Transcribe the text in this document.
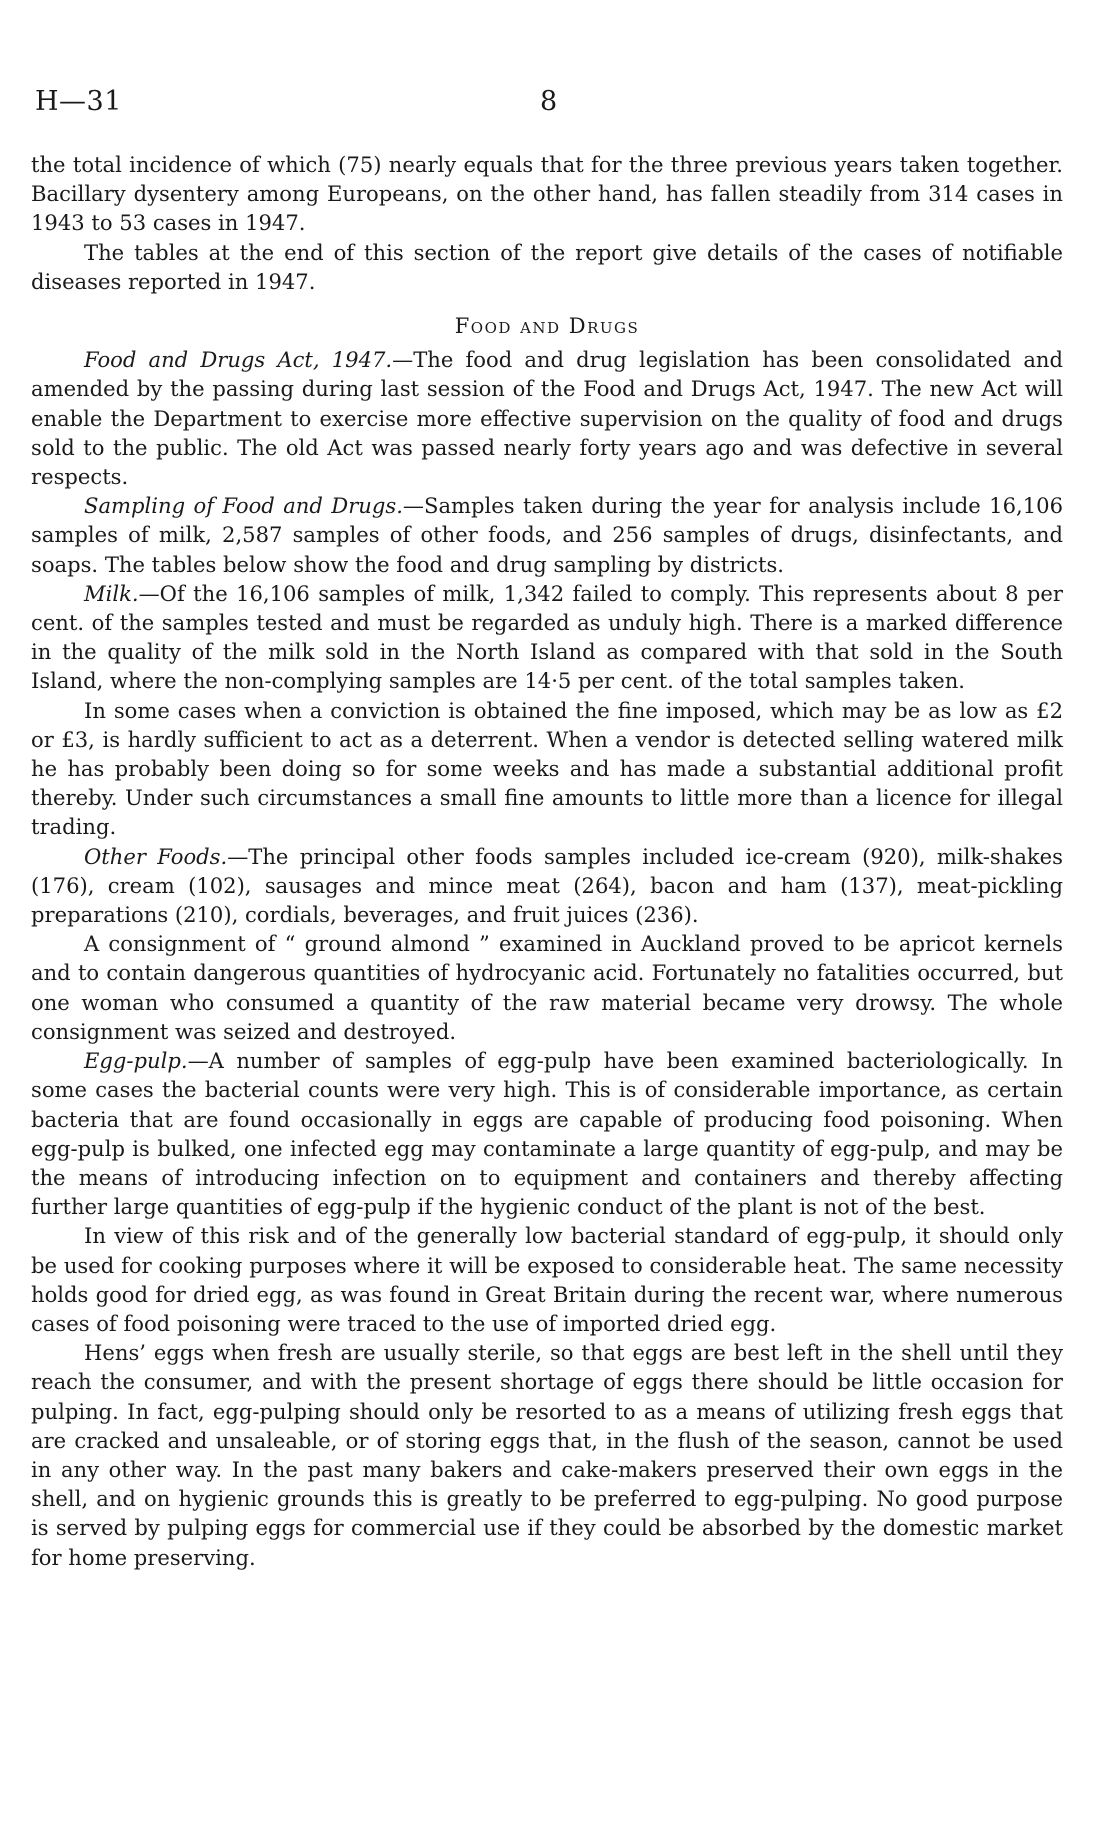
H—31	8

the total incidence of which (75) nearly equals that for the three previous years taken together. Bacillary dysentery among Europeans, on the other hand, has fallen steadily from 314 cases in 1943 to 53 cases in 1947.

The tables at the end of this section of the report give details of the cases of notifiable diseases reported in 1947.

Food and Drugs

Food and Drugs Act, 1947.—The food and drug legislation has been consolidated and amended by the passing during last session of the Food and Drugs Act, 1947. The new Act will enable the Department to exercise more effective supervision on the quality of food and drugs sold to the public. The old Act was passed nearly forty years ago and was defective in several respects.

Sampling of Food and Drugs.—Samples taken during the year for analysis include 16,106 samples of milk, 2,587 samples of other foods, and 256 samples of drugs, disinfectants, and soaps. The tables below show the food and drug sampling by districts.

Milk.—Of the 16,106 samples of milk, 1,342 failed to comply. This represents about 8 per cent. of the samples tested and must be regarded as unduly high. There is a marked difference in the quality of the milk sold in the North Island as compared with that sold in the South Island, where the non-complying samples are 14·5 per cent. of the total samples taken.

In some cases when a conviction is obtained the fine imposed, which may be as low as £2 or £3, is hardly sufficient to act as a deterrent. When a vendor is detected selling watered milk he has probably been doing so for some weeks and has made a substantial additional profit thereby. Under such circumstances a small fine amounts to little more than a licence for illegal trading.

Other Foods.—The principal other foods samples included ice-cream (920), milk-shakes (176), cream (102), sausages and mince meat (264), bacon and ham (137), meat-pickling preparations (210), cordials, beverages, and fruit juices (236).

A consignment of “ ground almond ” examined in Auckland proved to be apricot kernels and to contain dangerous quantities of hydrocyanic acid. Fortunately no fatalities occurred, but one woman who consumed a quantity of the raw material became very drowsy. The whole consignment was seized and destroyed.

Egg-pulp.—A number of samples of egg-pulp have been examined bacteriologically. In some cases the bacterial counts were very high. This is of considerable importance, as certain bacteria that are found occasionally in eggs are capable of producing food poisoning. When egg-pulp is bulked, one infected egg may contaminate a large quantity of egg-pulp, and may be the means of introducing infection on to equipment and containers and thereby affecting further large quantities of egg-pulp if the hygienic conduct of the plant is not of the best.

In view of this risk and of the generally low bacterial standard of egg-pulp, it should only be used for cooking purposes where it will be exposed to considerable heat. The same necessity holds good for dried egg, as was found in Great Britain during the recent war, where numerous cases of food poisoning were traced to the use of imported dried egg.

Hens’ eggs when fresh are usually sterile, so that eggs are best left in the shell until they reach the consumer, and with the present shortage of eggs there should be little occasion for pulping. In fact, egg-pulping should only be resorted to as a means of utilizing fresh eggs that are cracked and unsaleable, or of storing eggs that, in the flush of the season, cannot be used in any other way. In the past many bakers and cake-makers preserved their own eggs in the shell, and on hygienic grounds this is greatly to be preferred to egg-pulping. No good purpose is served by pulping eggs for commercial use if they could be absorbed by the domestic market for home preserving.
